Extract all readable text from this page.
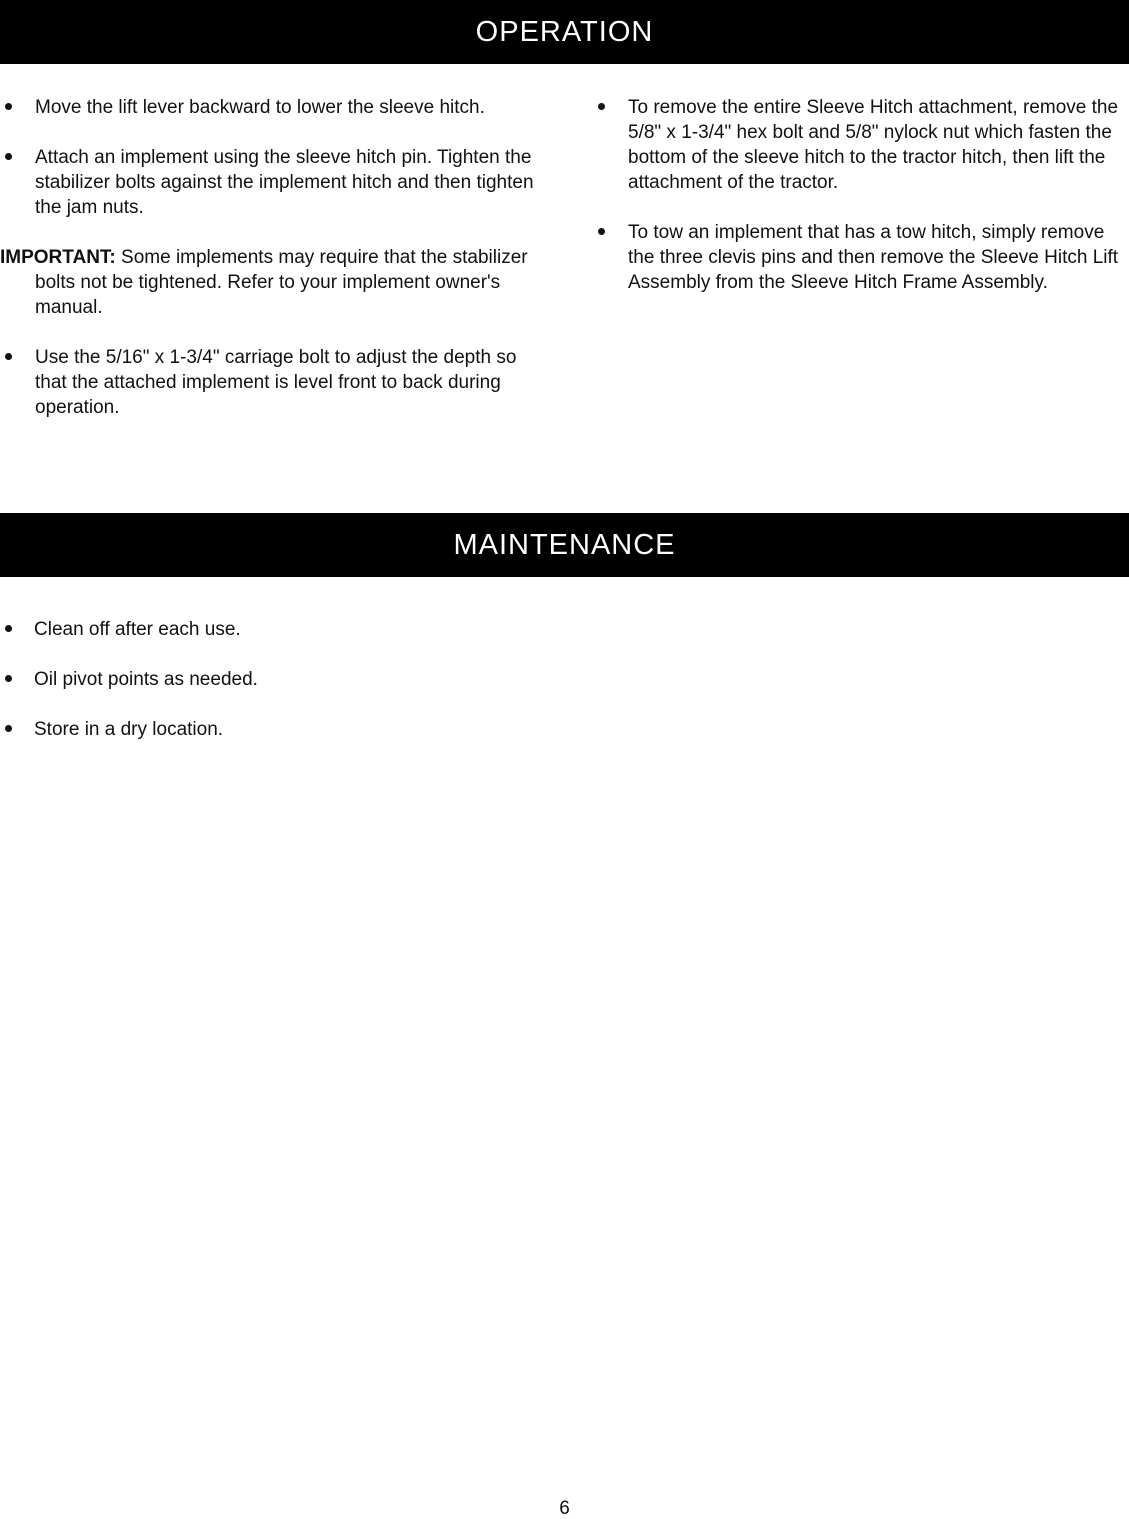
OPERATION
Move the lift lever backward to lower the sleeve hitch.
Attach an implement using the sleeve hitch pin. Tighten the stabilizer bolts against the implement hitch and then tighten the jam nuts.
IMPORTANT: Some implements may require that the stabilizer bolts not be tightened. Refer to your implement owner's manual.
Use the 5/16" x 1-3/4" carriage bolt to adjust the depth so that the attached implement is level front to back during operation.
To remove the entire Sleeve Hitch attachment, remove the 5/8" x 1-3/4" hex bolt and 5/8" nylock nut which fasten the bottom of the sleeve hitch to the tractor hitch, then lift the attachment of the tractor.
To tow an implement that has a tow hitch, simply remove the three clevis pins and then remove the Sleeve Hitch Lift Assembly from the Sleeve Hitch Frame Assembly.
MAINTENANCE
Clean off after each use.
Oil pivot points as needed.
Store in a dry location.
6
